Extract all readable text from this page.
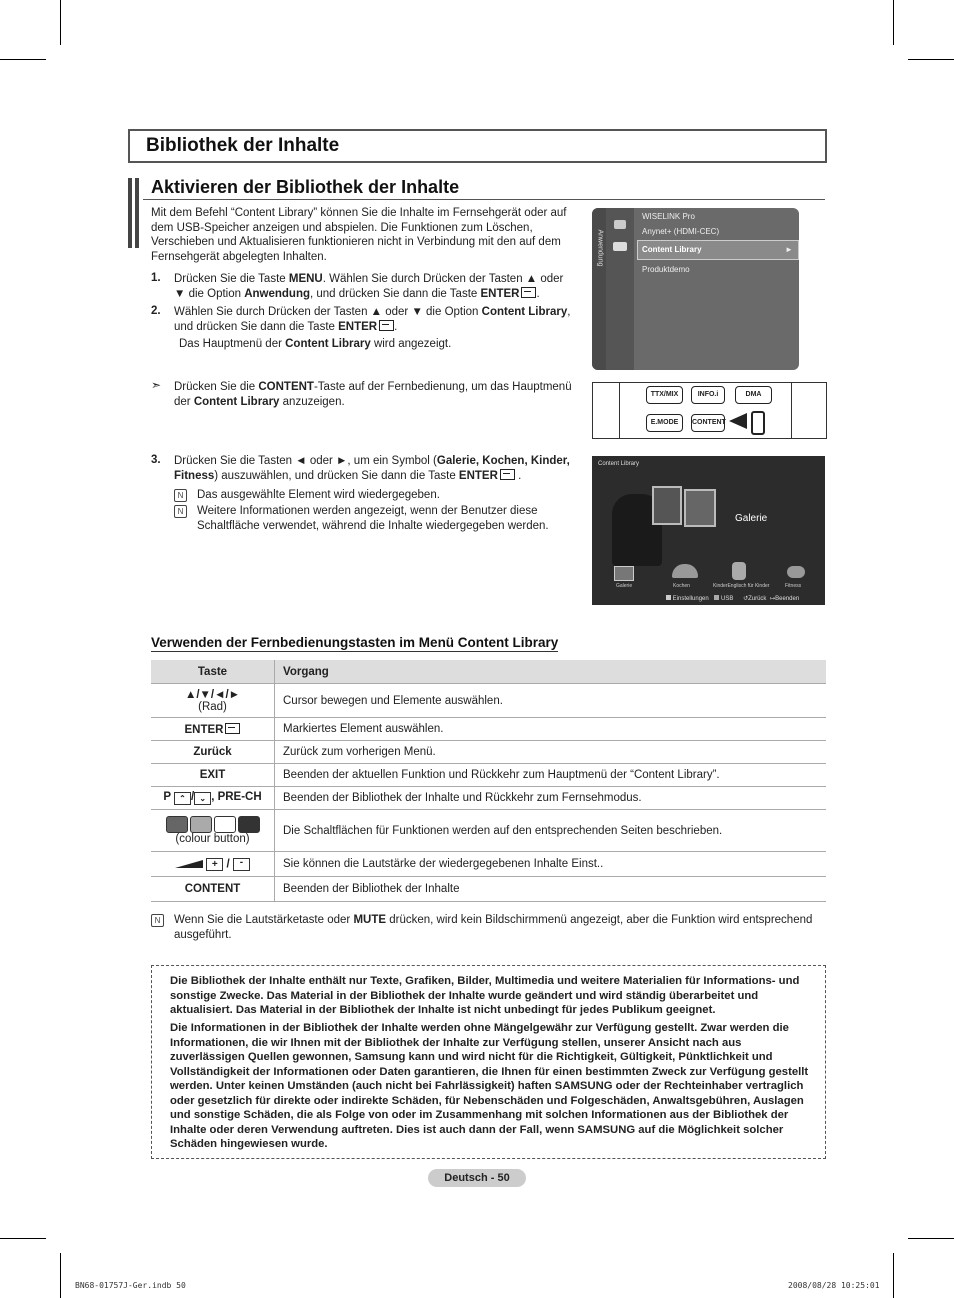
Bibliothek der Inhalte
Aktivieren der Bibliothek der Inhalte
Mit dem Befehl “Content Library” können Sie die Inhalte im Fernsehgerät oder auf dem USB-Speicher anzeigen und abspielen. Die Funktionen zum Löschen, Verschieben und Aktualisieren funktionieren nicht in Verbindung mit den auf dem Fernsehgerät abgelegten Inhalten.
1. Drücken Sie die Taste MENU. Wählen Sie durch Drücken der Tasten ▲ oder ▼ die Option Anwendung, und drücken Sie dann die Taste ENTER .
2. Wählen Sie durch Drücken der Tasten ▲ oder ▼ die Option Content Library, und drücken Sie dann die Taste ENTER .
Das Hauptmenü der Content Library wird angezeigt.
➣ Drücken Sie die CONTENT-Taste auf der Fernbedienung, um das Hauptmenü der Content Library anzuzeigen.
Anwendung
WISELINK Pro
Anynet+ (HDMI-CEC)
Content Library	►
Produktdemo
TTX/MIX	INFO.i	DMA
E.MODE	CONTENT
3. Drücken Sie die Tasten ◄ oder ►, um ein Symbol (Galerie, Kochen, Kinder, Fitness) auszuwählen, und drücken Sie dann die Taste ENTER .
N Das ausgewählte Element wird wiedergegeben.
N Weitere Informationen werden angezeigt, wenn der Benutzer diese Schaltfläche verwendet, während die Inhalte wiedergegeben werden.
Content Library
Galerie
Galerie	Kochen	KinderEnglisch für Kinder	Fitness
Einstellungen USB ↺Zurück ↦Beenden
Verwenden der Fernbedienungstasten im Menü Content Library
Taste	Vorgang

▲/▼/◄/►
(Rad)	Cursor bewegen und Elemente auswählen.
ENTER	Markiertes Element auswählen.
Zurück	Zurück zum vorherigen Menü.
EXIT	Beenden der aktuellen Funktion und Rückkehr zum Hauptmenü der “Content Library”.
P ⌃ / ⌄ , PRE-CH	Beenden der Bibliothek der Inhalte und Rückkehr zum Fernsehmodus.

(colour button)	Die Schaltflächen für Funktionen werden auf den entsprechenden Seiten beschrieben.
+ / -	Sie können die Lautstärke der wiedergegebenen Inhalte Einst..
CONTENT	Beenden der Bibliothek der Inhalte
N Wenn Sie die Lautstärketaste oder MUTE drücken, wird kein Bildschirmmenü angezeigt, aber die Funktion wird entsprechend ausgeführt.

Die Bibliothek der Inhalte enthält nur Texte, Grafiken, Bilder, Multimedia und weitere Materialien für Informations- und sonstige Zwecke. Das Material in der Bibliothek der Inhalte wurde geändert und wird ständig überarbeitet und aktualisiert. Das Material in der Bibliothek der Inhalte ist nicht unbedingt für jedes Publikum geeignet.

Die Informationen in der Bibliothek der Inhalte werden ohne Mängelgewähr zur Verfügung gestellt. Zwar werden die Informationen, die wir Ihnen mit der Bibliothek der Inhalte zur Verfügung stellen, unserer Ansicht nach aus zuverlässigen Quellen gewonnen, Samsung kann und wird nicht für die Richtigkeit, Gültigkeit, Pünktlichkeit und Vollständigkeit der Informationen oder Daten garantieren, die Ihnen für einen bestimmten Zweck zur Verfügung gestellt werden. Unter keinen Umständen (auch nicht bei Fahrlässigkeit) haften SAMSUNG oder der Rechteinhaber vertraglich oder gesetzlich für direkte oder indirekte Schäden, für Nebenschäden und Folgeschäden, Anwaltsgebühren, Auslagen und sonstige Schäden, die als Folge von oder im Zusammenhang mit solchen Informationen aus der Bibliothek der Inhalte oder deren Verwendung auftreten. Dies ist auch dann der Fall, wenn SAMSUNG auf die Möglichkeit solcher Schäden hingewiesen wurde.

Deutsch - 50
BN68-01757J-Ger.indb 50	2008/08/28 10:25:01
